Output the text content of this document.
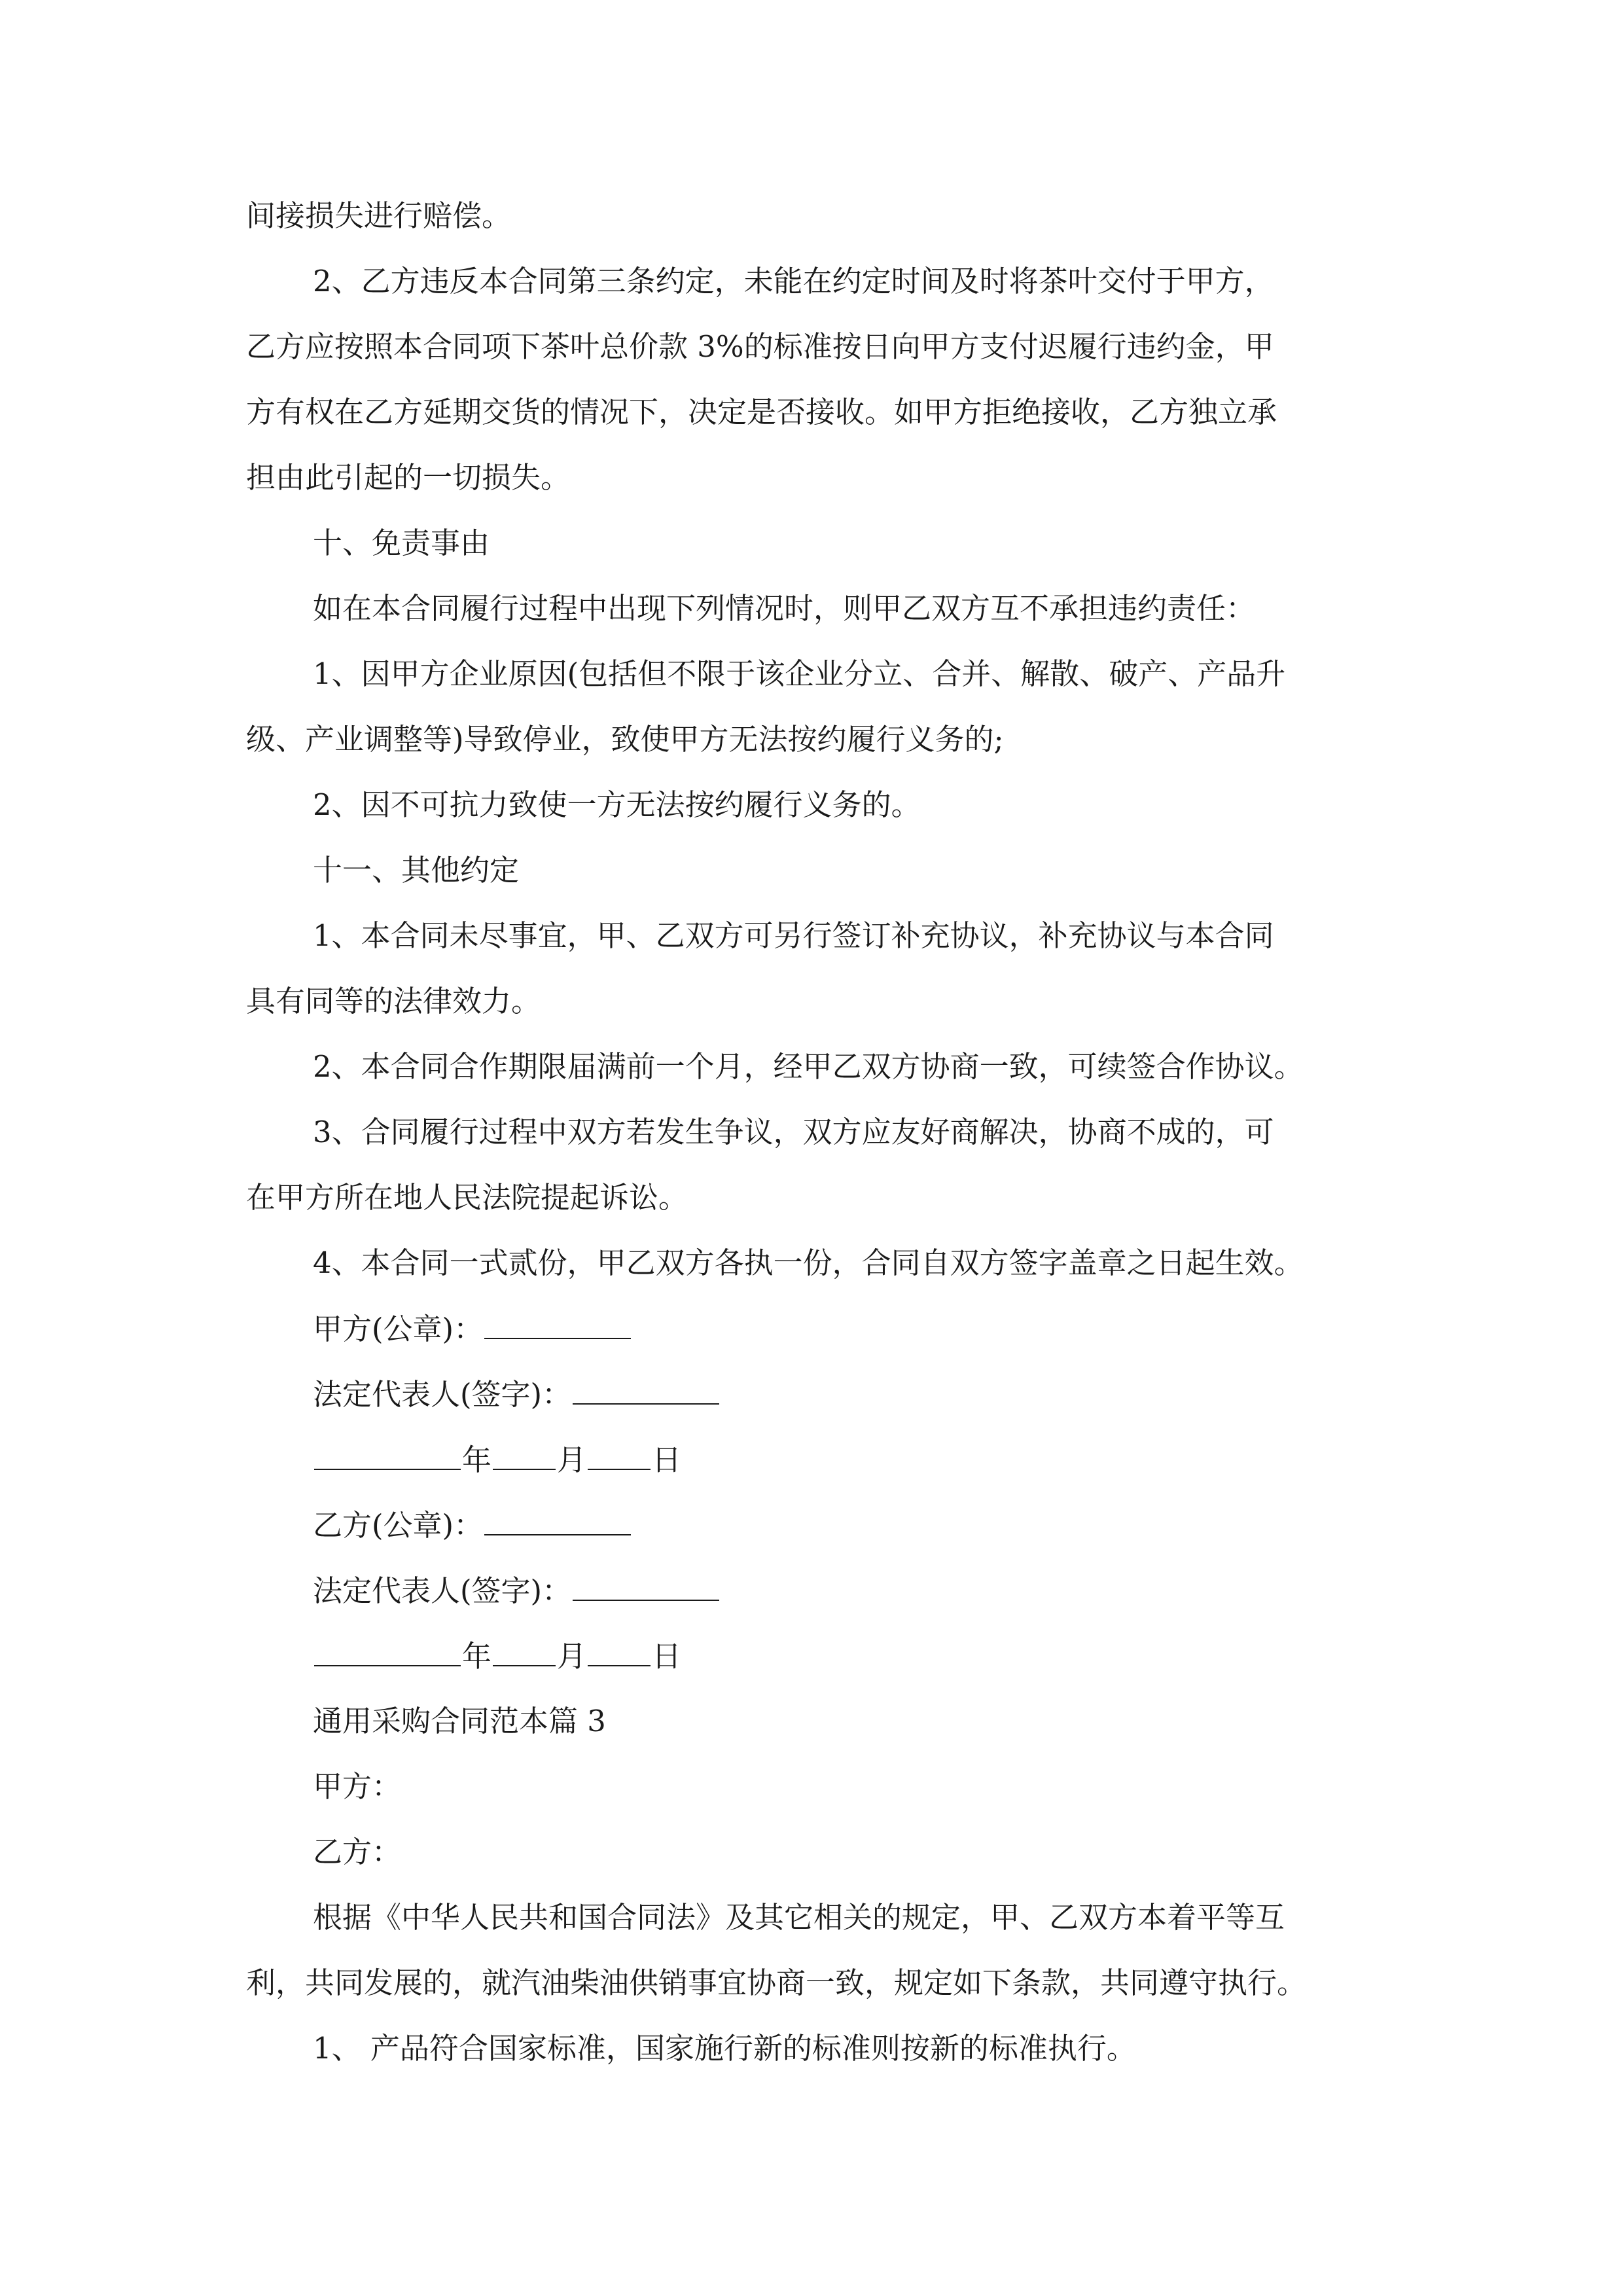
间接损失进行赔偿。
2、乙方违反本合同第三条约定，未能在约定时间及时将茶叶交付于甲方，
乙方应按照本合同项下茶叶总价款 3%的标准按日向甲方支付迟履行违约金，甲
方有权在乙方延期交货的情况下，决定是否接收。如甲方拒绝接收，乙方独立承
担由此引起的一切损失。
十、免责事由
如在本合同履行过程中出现下列情况时，则甲乙双方互不承担违约责任：
1、因甲方企业原因(包括但不限于该企业分立、合并、解散、破产、产品升
级、产业调整等)导致停业，致使甲方无法按约履行义务的;
2、因不可抗力致使一方无法按约履行义务的。
十一、其他约定
1、本合同未尽事宜，甲、乙双方可另行签订补充协议，补充协议与本合同
具有同等的法律效力。
2、本合同合作期限届满前一个月，经甲乙双方协商一致，可续签合作协议。
3、合同履行过程中双方若发生争议，双方应友好商解决，协商不成的，可
在甲方所在地人民法院提起诉讼。
4、本合同一式贰份，甲乙双方各执一份，合同自双方签字盖章之日起生效。
甲方(公章)：
法定代表人(签字)：
年 月 日
乙方(公章)：
法定代表人(签字)：
年 月 日
通用采购合同范本篇 3
甲方：
乙方：
根据《中华人民共和国合同法》及其它相关的规定，甲、乙双方本着平等互
利，共同发展的，就汽油柴油供销事宜协商一致，规定如下条款，共同遵守执行。
1、 产品符合国家标准，国家施行新的标准则按新的标准执行。
